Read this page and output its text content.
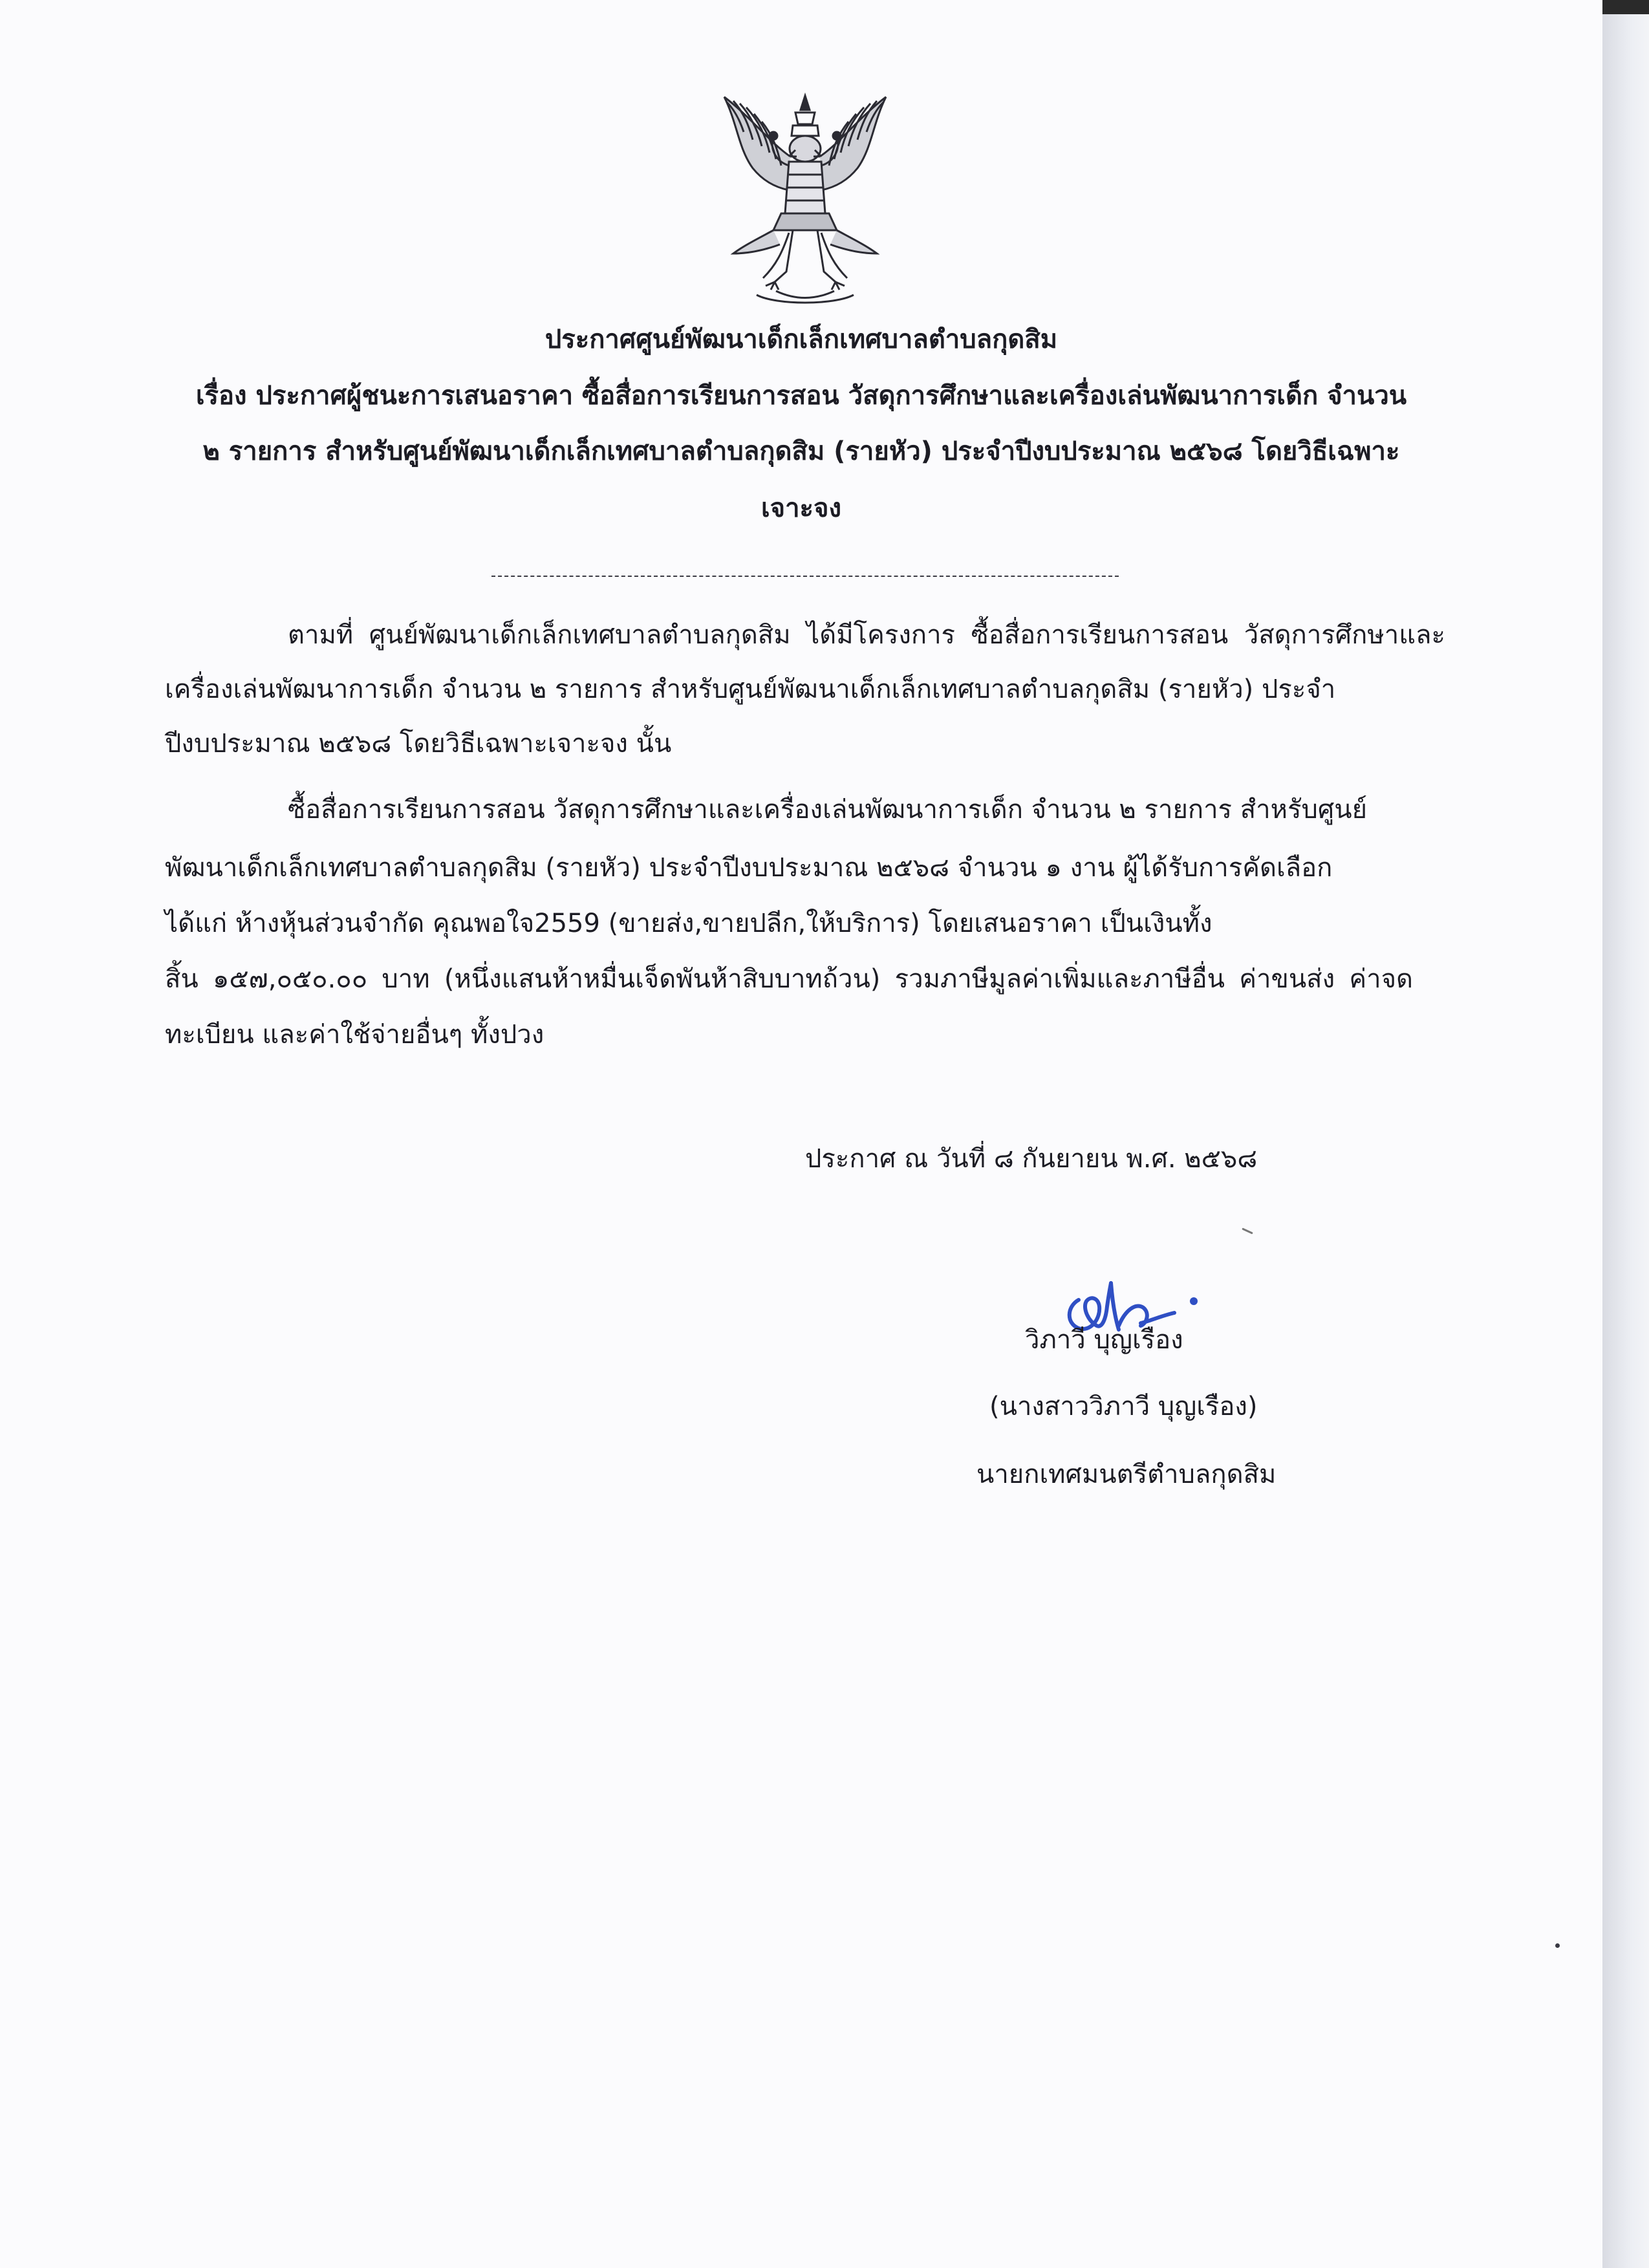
ประกาศศูนย์พัฒนาเด็กเล็กเทศบาลตำบลกุดสิม
เรื่อง ประกาศผู้ชนะการเสนอราคา ซื้อสื่อการเรียนการสอน วัสดุการศึกษาและเครื่องเล่นพัฒนาการเด็ก จำนวน
๒ รายการ สำหรับศูนย์พัฒนาเด็กเล็กเทศบาลตำบลกุดสิม (รายหัว) ประจำปีงบประมาณ ๒๕๖๘ โดยวิธีเฉพาะ
เจาะจง
ตามที่ ศูนย์พัฒนาเด็กเล็กเทศบาลตำบลกุดสิม ได้มีโครงการ ซื้อสื่อการเรียนการสอน วัสดุการศึกษาและ
เครื่องเล่นพัฒนาการเด็ก จำนวน ๒ รายการ สำหรับศูนย์พัฒนาเด็กเล็กเทศบาลตำบลกุดสิม (รายหัว) ประจำ
ปีงบประมาณ ๒๕๖๘ โดยวิธีเฉพาะเจาะจง นั้น
ซื้อสื่อการเรียนการสอน วัสดุการศึกษาและเครื่องเล่นพัฒนาการเด็ก จำนวน ๒ รายการ สำหรับศูนย์
พัฒนาเด็กเล็กเทศบาลตำบลกุดสิม (รายหัว) ประจำปีงบประมาณ ๒๕๖๘ จำนวน ๑ งาน ผู้ได้รับการคัดเลือก
ได้แก่ ห้างหุ้นส่วนจำกัด คุณพอใจ2559 (ขายส่ง,ขายปลีก,ให้บริการ) โดยเสนอราคา เป็นเงินทั้ง
สิ้น ๑๕๗,๐๕๐.๐๐ บาท (หนึ่งแสนห้าหมื่นเจ็ดพันห้าสิบบาทถ้วน) รวมภาษีมูลค่าเพิ่มและภาษีอื่น ค่าขนส่ง ค่าจด
ทะเบียน และค่าใช้จ่ายอื่นๆ ทั้งปวง
ประกาศ ณ วันที่ ๘ กันยายน พ.ศ. ๒๕๖๘
วิภาวี บุญเรือง
(นางสาววิภาวี บุญเรือง)
นายกเทศมนตรีตำบลกุดสิม
